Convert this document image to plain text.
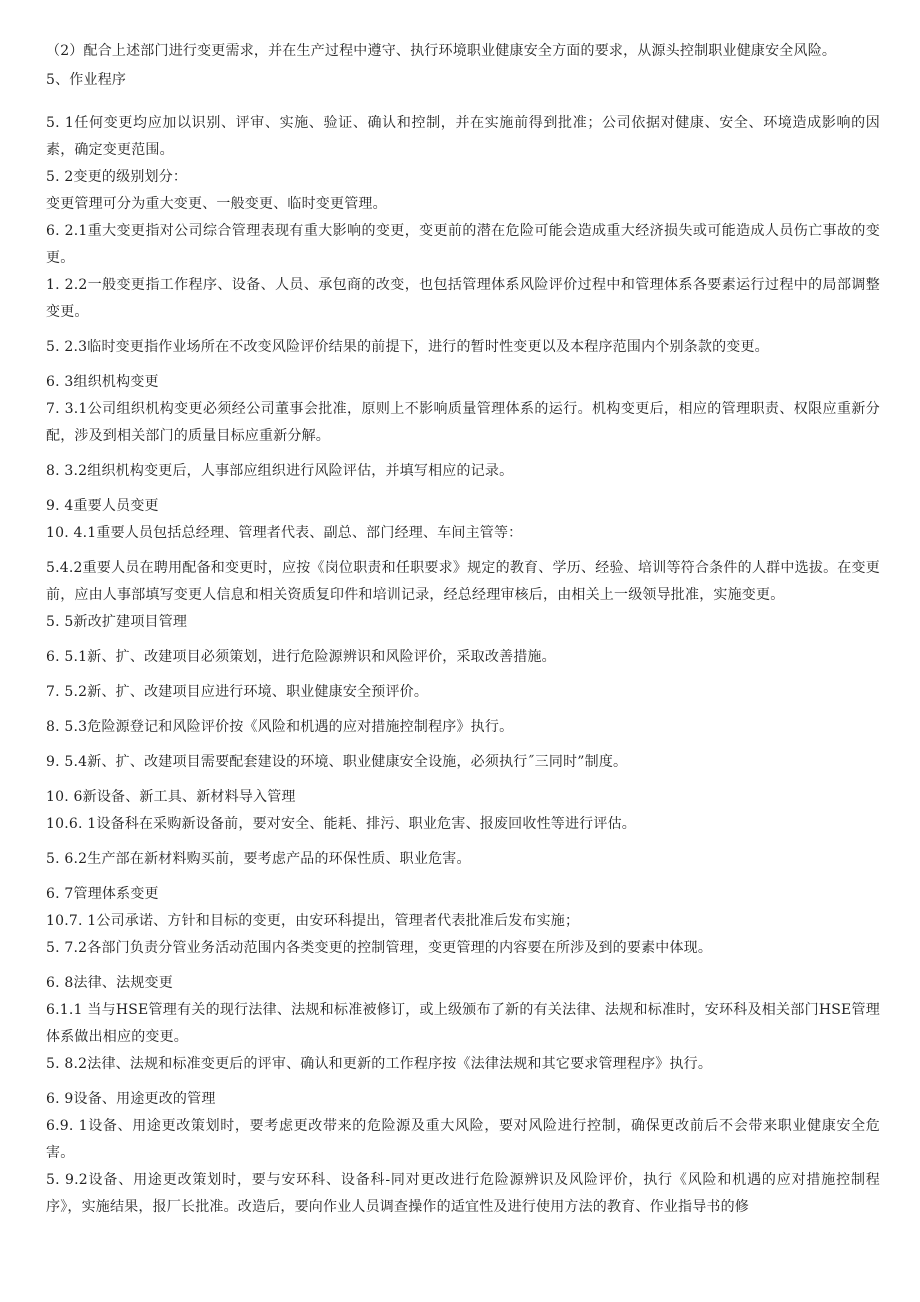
（2）配合上述部门进行变更需求，并在生产过程中遵守、执行环境职业健康安全方面的要求，从源头控制职业健康安全风险。

5、作业程序

5. 1任何变更均应加以识别、评审、实施、验证、确认和控制，并在实施前得到批准；公司依据对健康、安全、环境造成影响的因素，确定变更范围。

5. 2变更的级别划分：

变更管理可分为重大变更、一般变更、临时变更管理。

6. 2.1重大变更指对公司综合管理表现有重大影响的变更，变更前的潜在危险可能会造成重大经济损失或可能造成人员伤亡事故的变更。

1. 2.2一般变更指工作程序、设备、人员、承包商的改变，也包括管理体系风险评价过程中和管理体系各要素运行过程中的局部调整变更。

5. 2.3临时变更指作业场所在不改变风险评价结果的前提下，进行的暂时性变更以及本程序范围内个别条款的变更。

6. 3组织机构变更

7. 3.1公司组织机构变更必须经公司董事会批准，原则上不影响质量管理体系的运行。机构变更后，相应的管理职责、权限应重新分配，涉及到相关部门的质量目标应重新分解。

8. 3.2组织机构变更后，人事部应组织进行风险评估，并填写相应的记录。

9. 4重要人员变更

10. 4.1重要人员包括总经理、管理者代表、副总、部门经理、车间主管等：

5.4.2重要人员在聘用配备和变更时，应按《岗位职责和任职要求》规定的教育、学历、经验、培训等符合条件的人群中选拔。在变更前，应由人事部填写变更人信息和相关资质复印件和培训记录，经总经理审核后，由相关上一级领导批准，实施变更。

5. 5新改扩建项目管理

6. 5.1新、扩、改建项目必须策划，进行危险源辨识和风险评价，采取改善措施。

7. 5.2新、扩、改建项目应进行环境、职业健康安全预评价。

8. 5.3危险源登记和风险评价按《风险和机遇的应对措施控制程序》执行。

9. 5.4新、扩、改建项目需要配套建设的环境、职业健康安全设施，必须执行˝三同时”制度。

10. 6新设备、新工具、新材料导入管理

10.6. 1设备科在采购新设备前，要对安全、能耗、排污、职业危害、报废回收性等进行评估。

5. 6.2生产部在新材料购买前，要考虑产品的环保性质、职业危害。

6. 7管理体系变更

10.7. 1公司承诺、方针和目标的变更，由安环科提出，管理者代表批准后发布实施；

5. 7.2各部门负责分管业务活动范围内各类变更的控制管理，变更管理的内容要在所涉及到的要素中体现。

6. 8法律、法规变更

6.1.1 当与HSE管理有关的现行法律、法规和标准被修订，或上级颁布了新的有关法律、法规和标准时，安环科及相关部门HSE管理体系做出相应的变更。

5. 8.2法律、法规和标准变更后的评审、确认和更新的工作程序按《法律法规和其它要求管理程序》执行。

6. 9设备、用途更改的管理

6.9. 1设备、用途更改策划时，要考虑更改带来的危险源及重大风险，要对风险进行控制，确保更改前后不会带来职业健康安全危害。

5. 9.2设备、用途更改策划时，要与安环科、设备科-同对更改进行危险源辨识及风险评价，执行《风险和机遇的应对措施控制程序》，实施结果，报厂长批准。改造后，要向作业人员调查操作的适宜性及进行使用方法的教育、作业指导书的修
